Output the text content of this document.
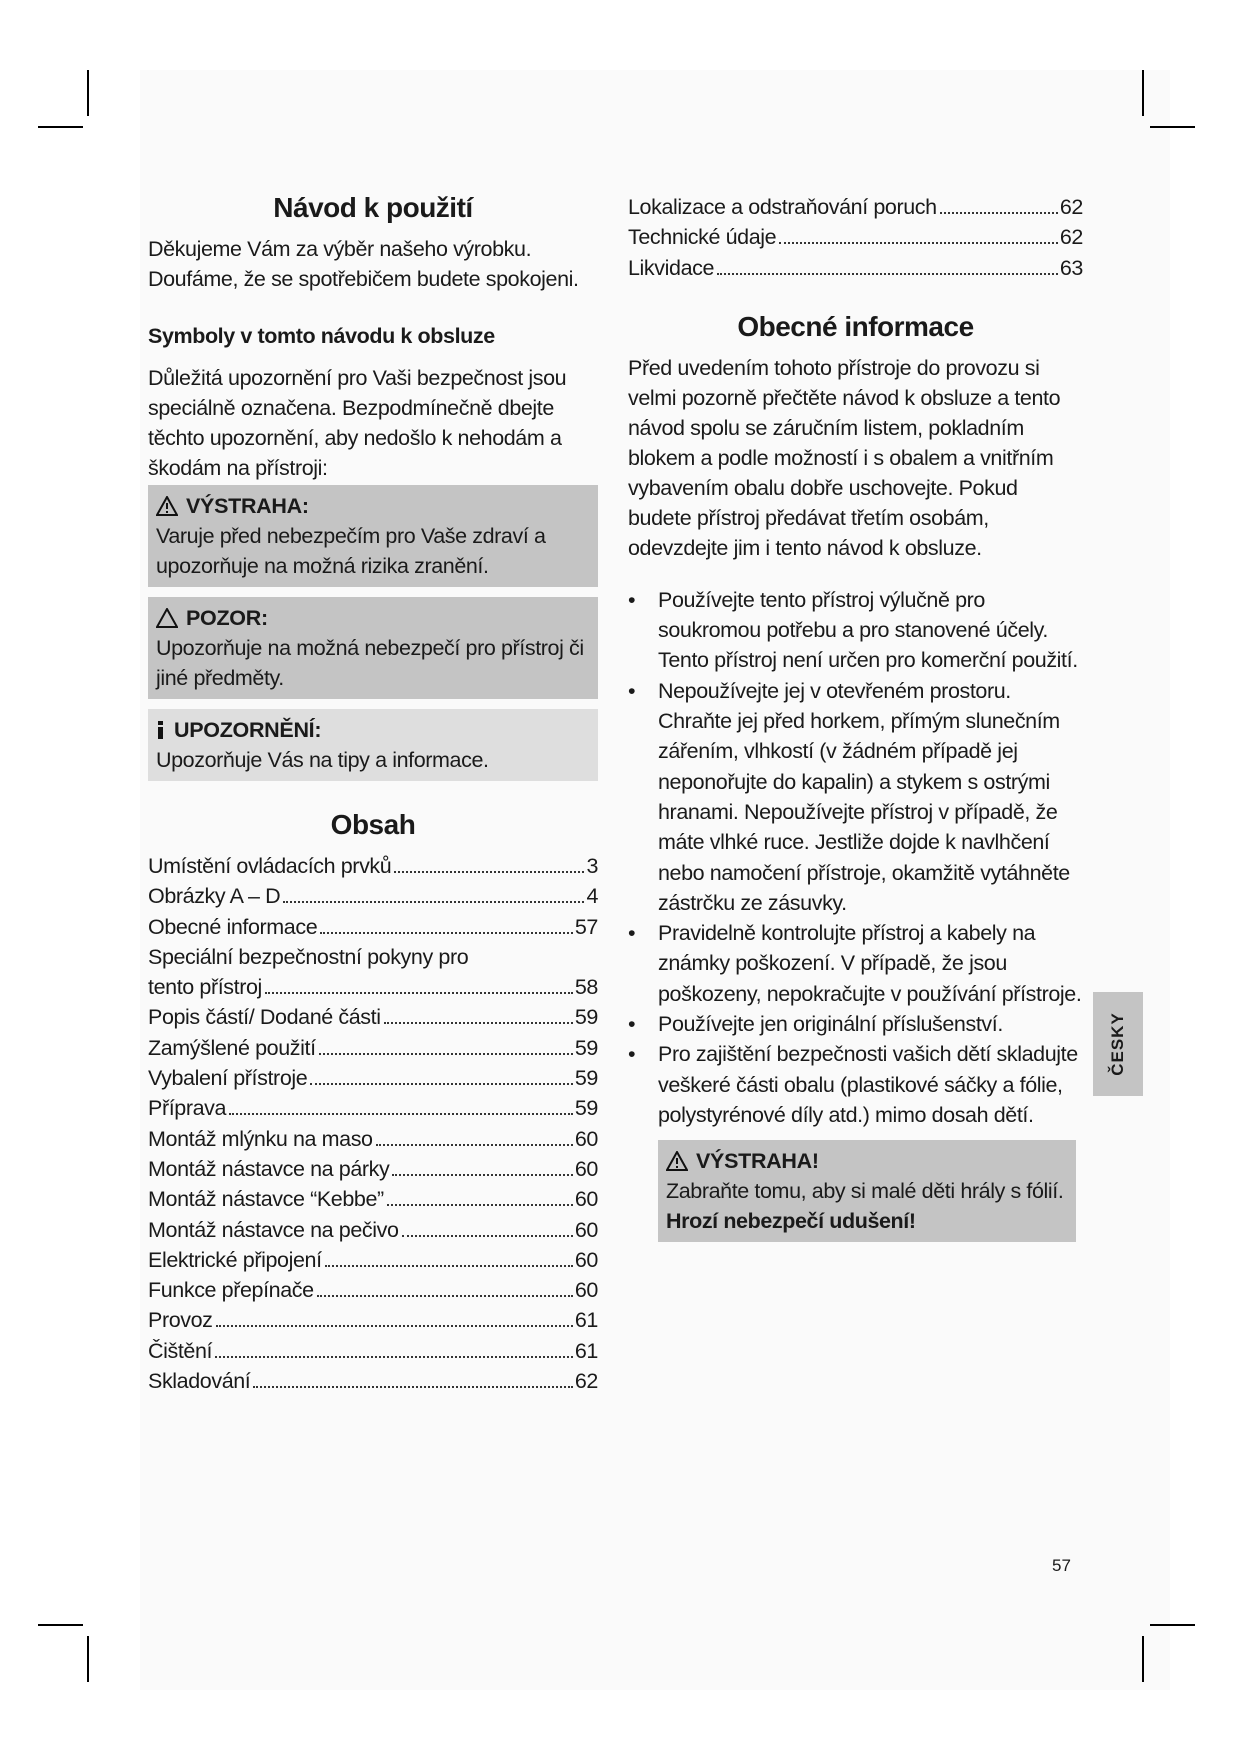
Návod k použití

Děkujeme Vám za výběr našeho výrobku. Doufáme, že se spotřebičem budete spokojeni.

Symboly v tomto návodu k obsluze

Důležitá upozornění pro Vaši bezpečnost jsou speciálně označena. Bezpodmínečně dbejte těchto upozornění, aby nedošlo k nehodám a škodám na přístroji:

VÝSTRAHA:
Varuje před nebezpečím pro Vaše zdraví a upozorňuje na možná rizika zranění.
POZOR:
Upozorňuje na možná nebezpečí pro přístroj či jiné předměty.
UPOZORNĚNÍ:
Upozorňuje Vás na tipy a informace.
Obsah
Umístění ovládacích prvků	3
Obrázky A – D	4
Obecné informace	57
Speciální bezpečnostní pokyny pro
tento přístroj	58
Popis částí/ Dodané části	59
Zamýšlené použití	59
Vybalení přístroje	59
Příprava	59
Montáž mlýnku na maso	60
Montáž nástavce na párky	60
Montáž nástavce “Kebbe”	60
Montáž nástavce na pečivo	60
Elektrické připojení	60
Funkce přepínače	60
Provoz	61
Čištění	61
Skladování	62
Lokalizace a odstraňování poruch	62
Technické údaje	62
Likvidace	63
Obecné informace

Před uvedením tohoto přístroje do provozu si velmi pozorně přečtěte návod k obsluze a tento návod spolu se záručním listem, pokladním blokem a podle možností i s obalem a vnitřním vybavením obalu dobře uschovejte. Pokud budete přístroj předávat třetím osobám, odevzdejte jim i tento návod k obsluze.

• Používejte tento přístroj výlučně pro soukromou potřebu a pro stanovené účely. Tento přístroj není určen pro komerční použití.
• Nepoužívejte jej v otevřeném prostoru. Chraňte jej před horkem, přímým slunečním zářením, vlhkostí (v žádném případě jej neponořujte do kapalin) a stykem s ostrými hranami. Nepoužívejte přístroj v případě, že máte vlhké ruce. Jestliže dojde k navlhčení nebo namočení přístroje, okamžitě vytáhněte zástrčku ze zásuvky.
• Pravidelně kontrolujte přístroj a kabely na známky poškození. V případě, že jsou poškozeny, nepokračujte v používání přístroje.
• Používejte jen originální příslušenství.
• Pro zajištění bezpečnosti vašich dětí skladujte veškeré části obalu (plastikové sáčky a fólie, polystyrénové díly atd.) mimo dosah dětí.
VÝSTRAHA!
Zabraňte tomu, aby si malé děti hrály s fólií.
Hrozí nebezpečí udušení!
ČESKY
57
